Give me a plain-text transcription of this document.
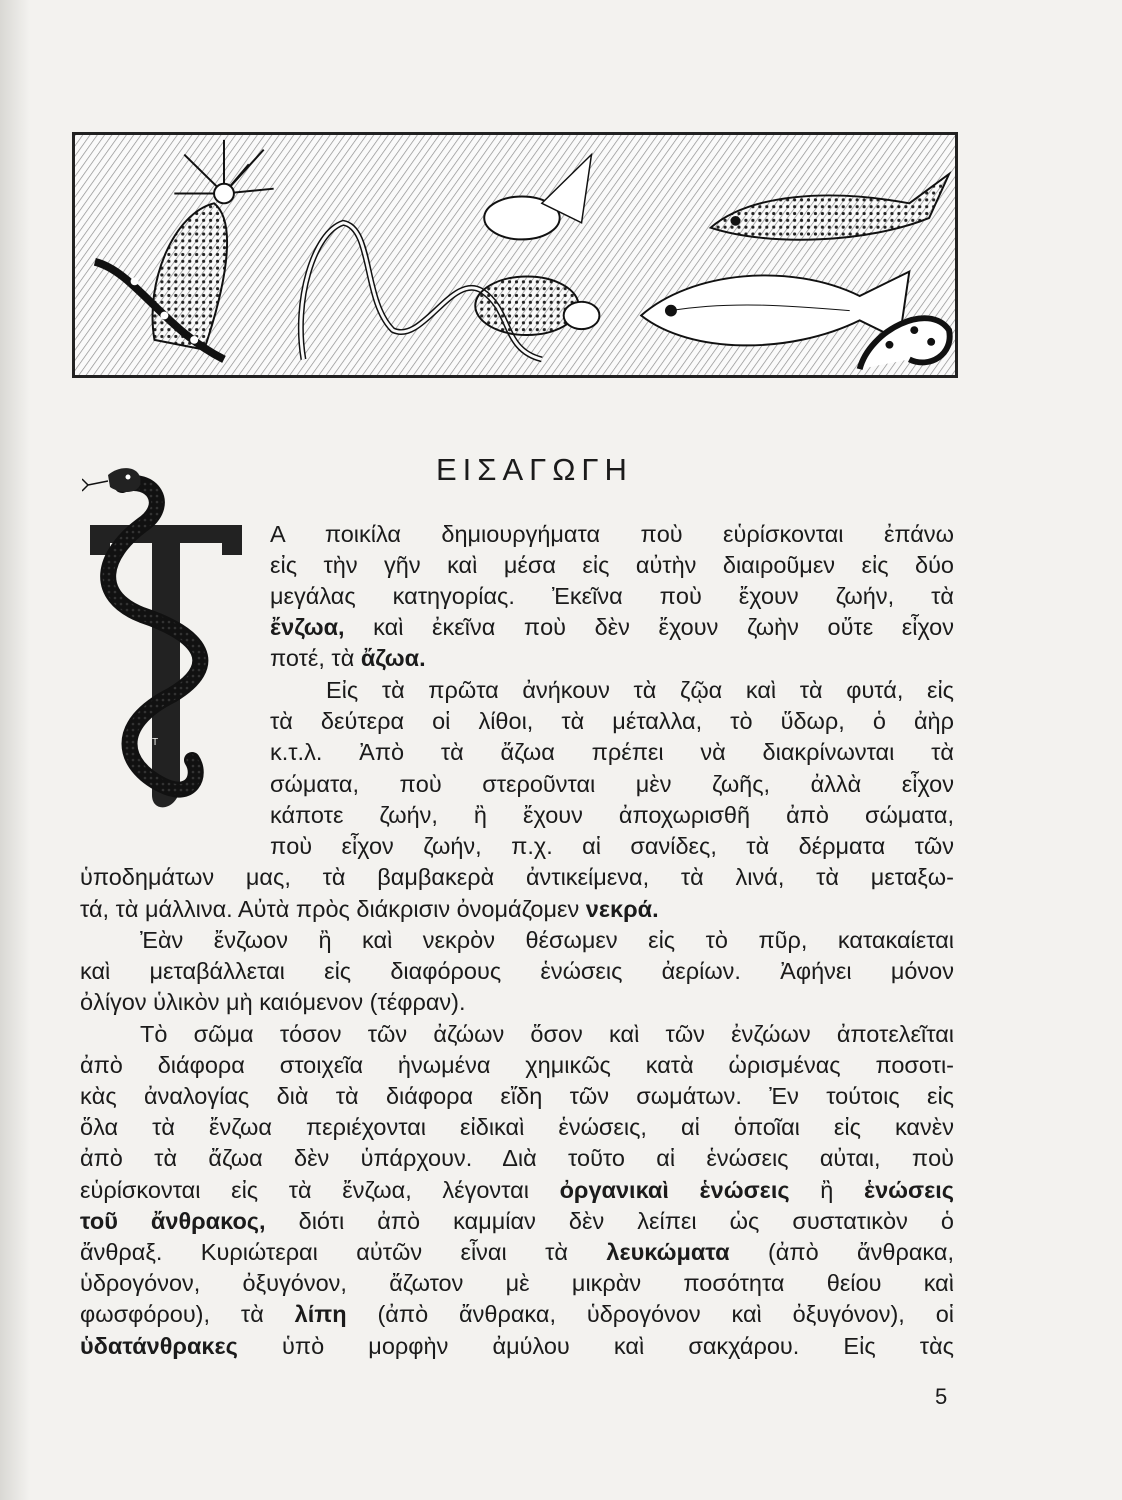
ΕΙΣΑΓΩΓΗ
Τ
Α ποικίλα δημιουργήματα πoὺ εὑρίσκονται ἐπάνω
εἰς τὴν γῆν καὶ μέσα εἰς αὐτὴν διαιροῦμεν εἰς δύο
μεγάλας κατηγορίας. Ἐκεῖνα πoὺ ἔχουν ζωήν, τὰ
ἔνζωα, καὶ ἐκεῖνα πoὺ δὲν ἔχουν ζωὴν οὔτε εἶχον
ποτέ, τὰ ἄζωα.
Εἰς τὰ πρῶτα ἀνήκουν τὰ ζῷα καὶ τὰ φυτά, εἰς
τὰ δεύτερα οἱ λίθοι, τὰ μέταλλα, τὸ ὕδωρ, ὁ ἀὴρ
κ.τ.λ. Ἀπὸ τὰ ἄζωα πρέπει νὰ διακρίνωνται τὰ
σώματα, πoὺ στεροῦνται μὲν ζωῆς, ἀλλὰ εἶχον
κάποτε ζωήν, ἢ ἔχουν ἀποχωρισθῆ ἀπὸ σώματα,
πoὺ εἶχον ζωήν, π.χ. αἱ σανίδες, τὰ δέρματα τῶν
ὑποδημάτων μας, τὰ βαμβακερὰ ἀντικείμενα, τὰ λινά, τὰ μεταξω-
τά, τὰ μάλλινα. Αὐτὰ πρὸς διάκρισιν ὀνομάζομεν νεκρά.
Ἐὰν ἔνζωον ἢ καὶ νεκρὸν θέσωμεν εἰς τὸ πῦρ, κατακαίεται
καὶ μεταβάλλεται εἰς διαφόρους ἑνώσεις ἀερίων. Ἀφήνει μόνον
ὀλίγον ὑλικὸν μὴ καιόμενον (τέφραν).
Τὸ σῶμα τόσον τῶν ἀζώων ὅσον καὶ τῶν ἐνζώων ἀποτελεῖται
ἀπὸ διάφορα στοιχεῖα ἡνωμένα χημικῶς κατὰ ὡρισμένας ποσοτι-
κὰς ἀναλογίας διὰ τὰ διάφορα εἴδη τῶν σωμάτων. Ἐν τούτοις εἰς
ὅλα τὰ ἔνζωα περιέχονται εἰδικαὶ ἑνώσεις, αἱ ὁποῖαι εἰς κανὲν
ἀπὸ τὰ ἄζωα δὲν ὑπάρχουν. Διὰ τοῦτο αἱ ἑνώσεις αὐται, πoὺ
εὑρίσκονται εἰς τὰ ἔνζωα, λέγονται ὀργανικαὶ ἑνώσεις ἢ ἑνώσεις
τοῦ ἄνθρακος, διότι ἀπὸ καμμίαν δὲν λείπει ὡς συστατικὸν ὁ
ἄνθραξ. Κυριώτεραι αὐτῶν εἶναι τὰ λευκώματα (ἀπὸ ἄνθρακα,
ὑδρογόνον, ὀξυγόνον, ἄζωτον μὲ μικρὰν ποσότητα θείου καὶ
φωσφόρου), τὰ λίπη (ἀπὸ ἄνθρακα, ὑδρογόνον καὶ ὀξυγόνον), οἱ
ὑδατάνθρακες ὑπὸ μορφὴν ἀμύλου καὶ σακχάρου. Εἰς τὰς
5
